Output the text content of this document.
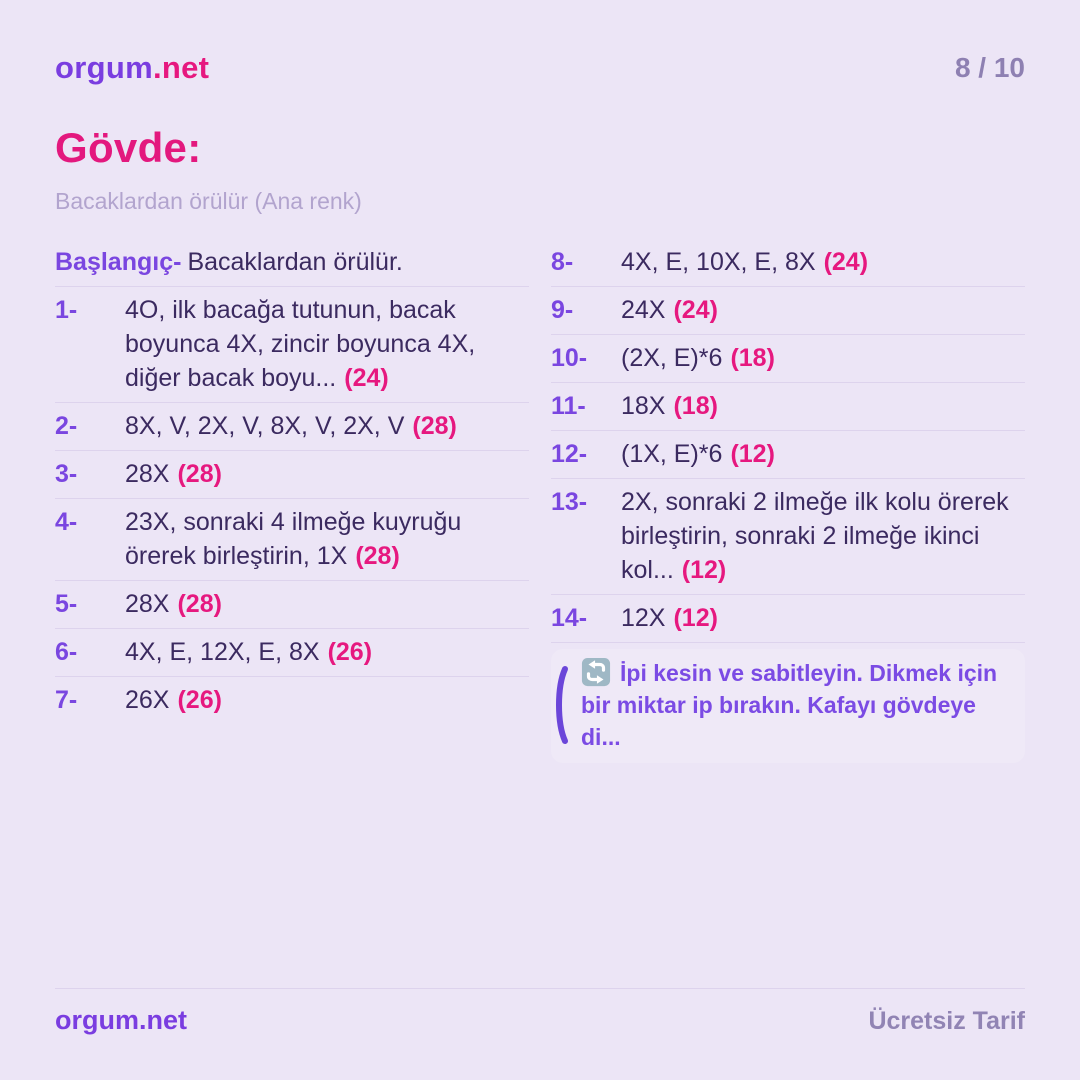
orgum.net	8 / 10
Gövde:

Bacaklardan örülür (Ana renk)

Başlangıç- Bacaklardan örülür.
1-	4O, ilk bacağa tutunun, bacak boyunca 4X, zincir boyunca 4X, diğer bacak boyu... (24)
2-	8X, V, 2X, V, 8X, V, 2X, V (28)
3-	28X (28)
4-	23X, sonraki 4 ilmeğe kuyruğu örerek birleştirin, 1X (28)
5-	28X (28)
6-	4X, E, 12X, E, 8X (26)
7-	26X (26)
8-	4X, E, 10X, E, 8X (24)
9-	24X (24)
10-	(2X, E)*6 (18)
11-	18X (18)
12-	(1X, E)*6 (12)
13-	2X, sonraki 2 ilmeğe ilk kolu örerek birleştirin, sonraki 2 ilmeğe ikinci kol... (12)
14-	12X (12)
İpi kesin ve sabitleyin. Dikmek için bir miktar ip bırakın. Kafayı gövdeye di...
orgum.net	Ücretsiz Tarif
